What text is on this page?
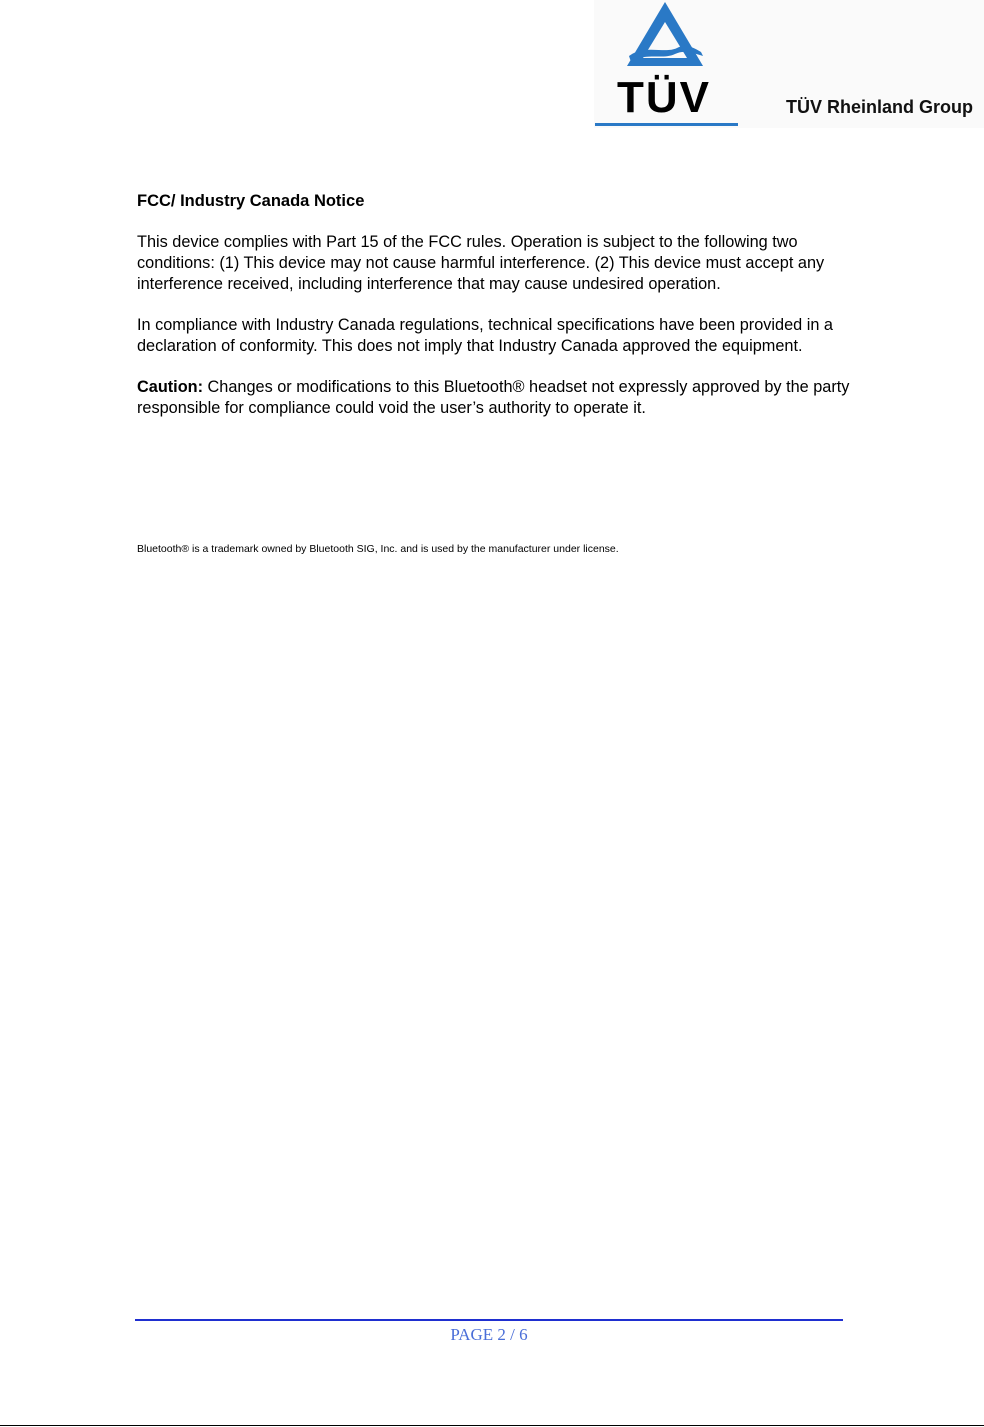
TÜV	TÜV Rheinland Group

FCC/ Industry Canada Notice

This device complies with Part 15 of the FCC rules. Operation is subject to the following two conditions: (1) This device may not cause harmful interference. (2) This device must accept any interference received, including interference that may cause undesired operation.

In compliance with Industry Canada regulations, technical specifications have been provided in a declaration of conformity. This does not imply that Industry Canada approved the equipment.

Caution: Changes or modifications to this Bluetooth® headset not expressly approved by the party responsible for compliance could void the user’s authority to operate it.

Bluetooth® is a trademark owned by Bluetooth SIG, Inc. and is used by the manufacturer under license.
PAGE 2 / 6
